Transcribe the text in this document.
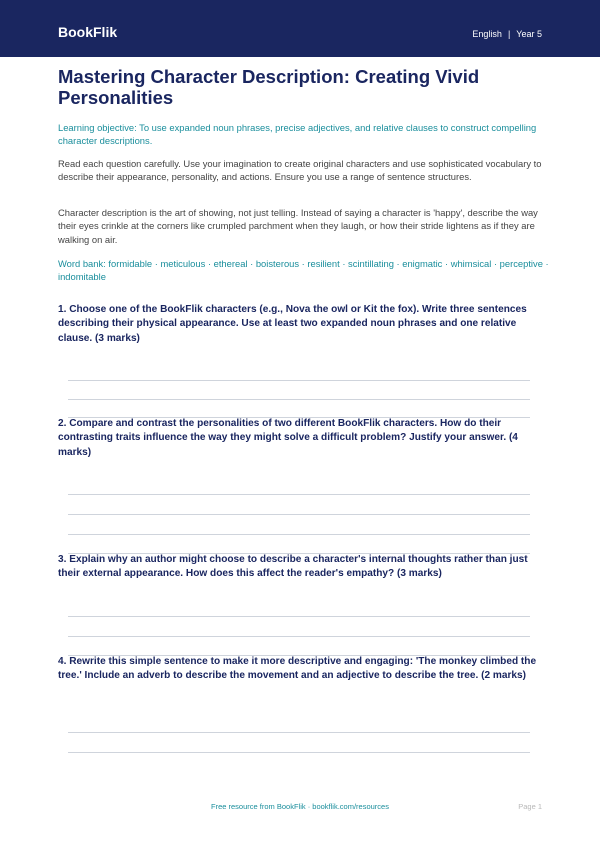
BookFlik	English | Year 5
Mastering Character Description: Creating Vivid Personalities

Learning objective: To use expanded noun phrases, precise adjectives, and relative clauses to construct compelling character descriptions.

Read each question carefully. Use your imagination to create original characters and use sophisticated vocabulary to describe their appearance, personality, and actions. Ensure you use a range of sentence structures.

Character description is the art of showing, not just telling. Instead of saying a character is 'happy', describe the way their eyes crinkle at the corners like crumpled parchment when they laugh, or how their stride lightens as if they are walking on air.

Word bank: formidable · meticulous · ethereal · boisterous · resilient · scintillating · enigmatic · whimsical · perceptive · indomitable

1. Choose one of the BookFlik characters (e.g., Nova the owl or Kit the fox). Write three sentences describing their physical appearance. Use at least two expanded noun phrases and one relative clause. (3 marks)

2. Compare and contrast the personalities of two different BookFlik characters. How do their contrasting traits influence the way they might solve a difficult problem? Justify your answer. (4 marks)

3. Explain why an author might choose to describe a character's internal thoughts rather than just their external appearance. How does this affect the reader's empathy? (3 marks)

4. Rewrite this simple sentence to make it more descriptive and engaging: 'The monkey climbed the tree.' Include an adverb to describe the movement and an adjective to describe the tree. (2 marks)

Free resource from BookFlik · bookflik.com/resources	Page 1
